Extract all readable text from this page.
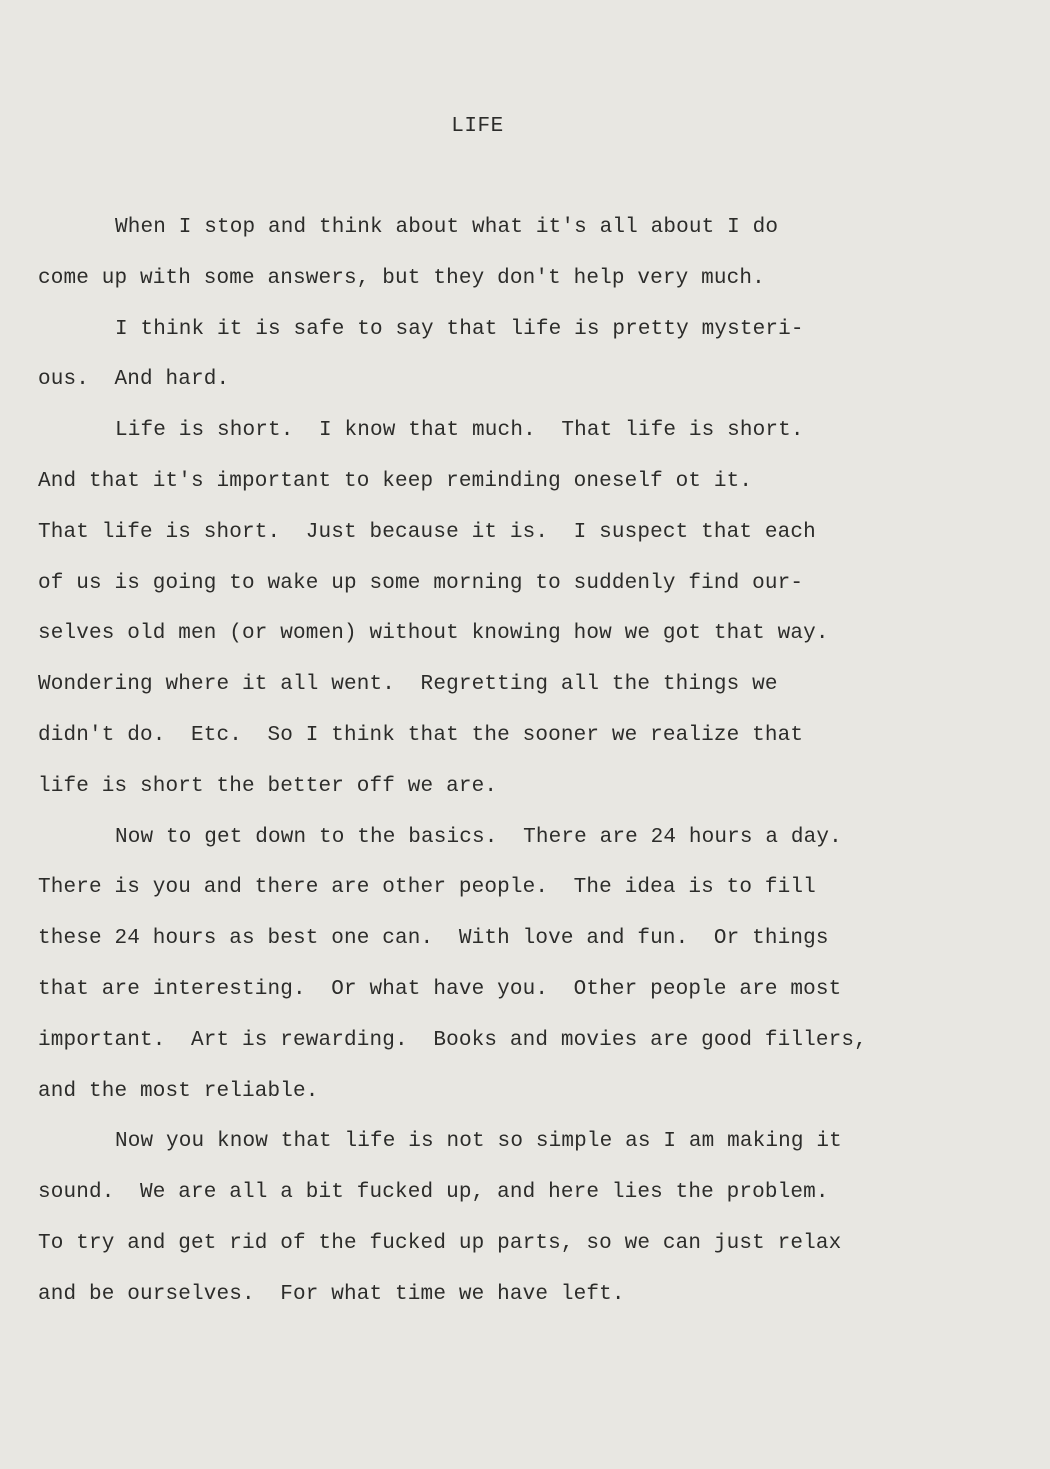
LIFE
When I stop and think about what it's all about I do
come up with some answers, but they don't help very much.
I think it is safe to say that life is pretty mysteri-
ous.  And hard.
Life is short.  I know that much.  That life is short.
And that it's important to keep reminding oneself ot it.
That life is short.  Just because it is.  I suspect that each
of us is going to wake up some morning to suddenly find our-
selves old men (or women) without knowing how we got that way.
Wondering where it all went.  Regretting all the things we
didn't do.  Etc.  So I think that the sooner we realize that
life is short the better off we are.
Now to get down to the basics.  There are 24 hours a day.
There is you and there are other people.  The idea is to fill
these 24 hours as best one can.  With love and fun.  Or things
that are interesting.  Or what have you.  Other people are most
important.  Art is rewarding.  Books and movies are good fillers,
and the most reliable.
Now you know that life is not so simple as I am making it
sound.  We are all a bit fucked up, and here lies the problem.
To try and get rid of the fucked up parts, so we can just relax
and be ourselves.  For what time we have left.
